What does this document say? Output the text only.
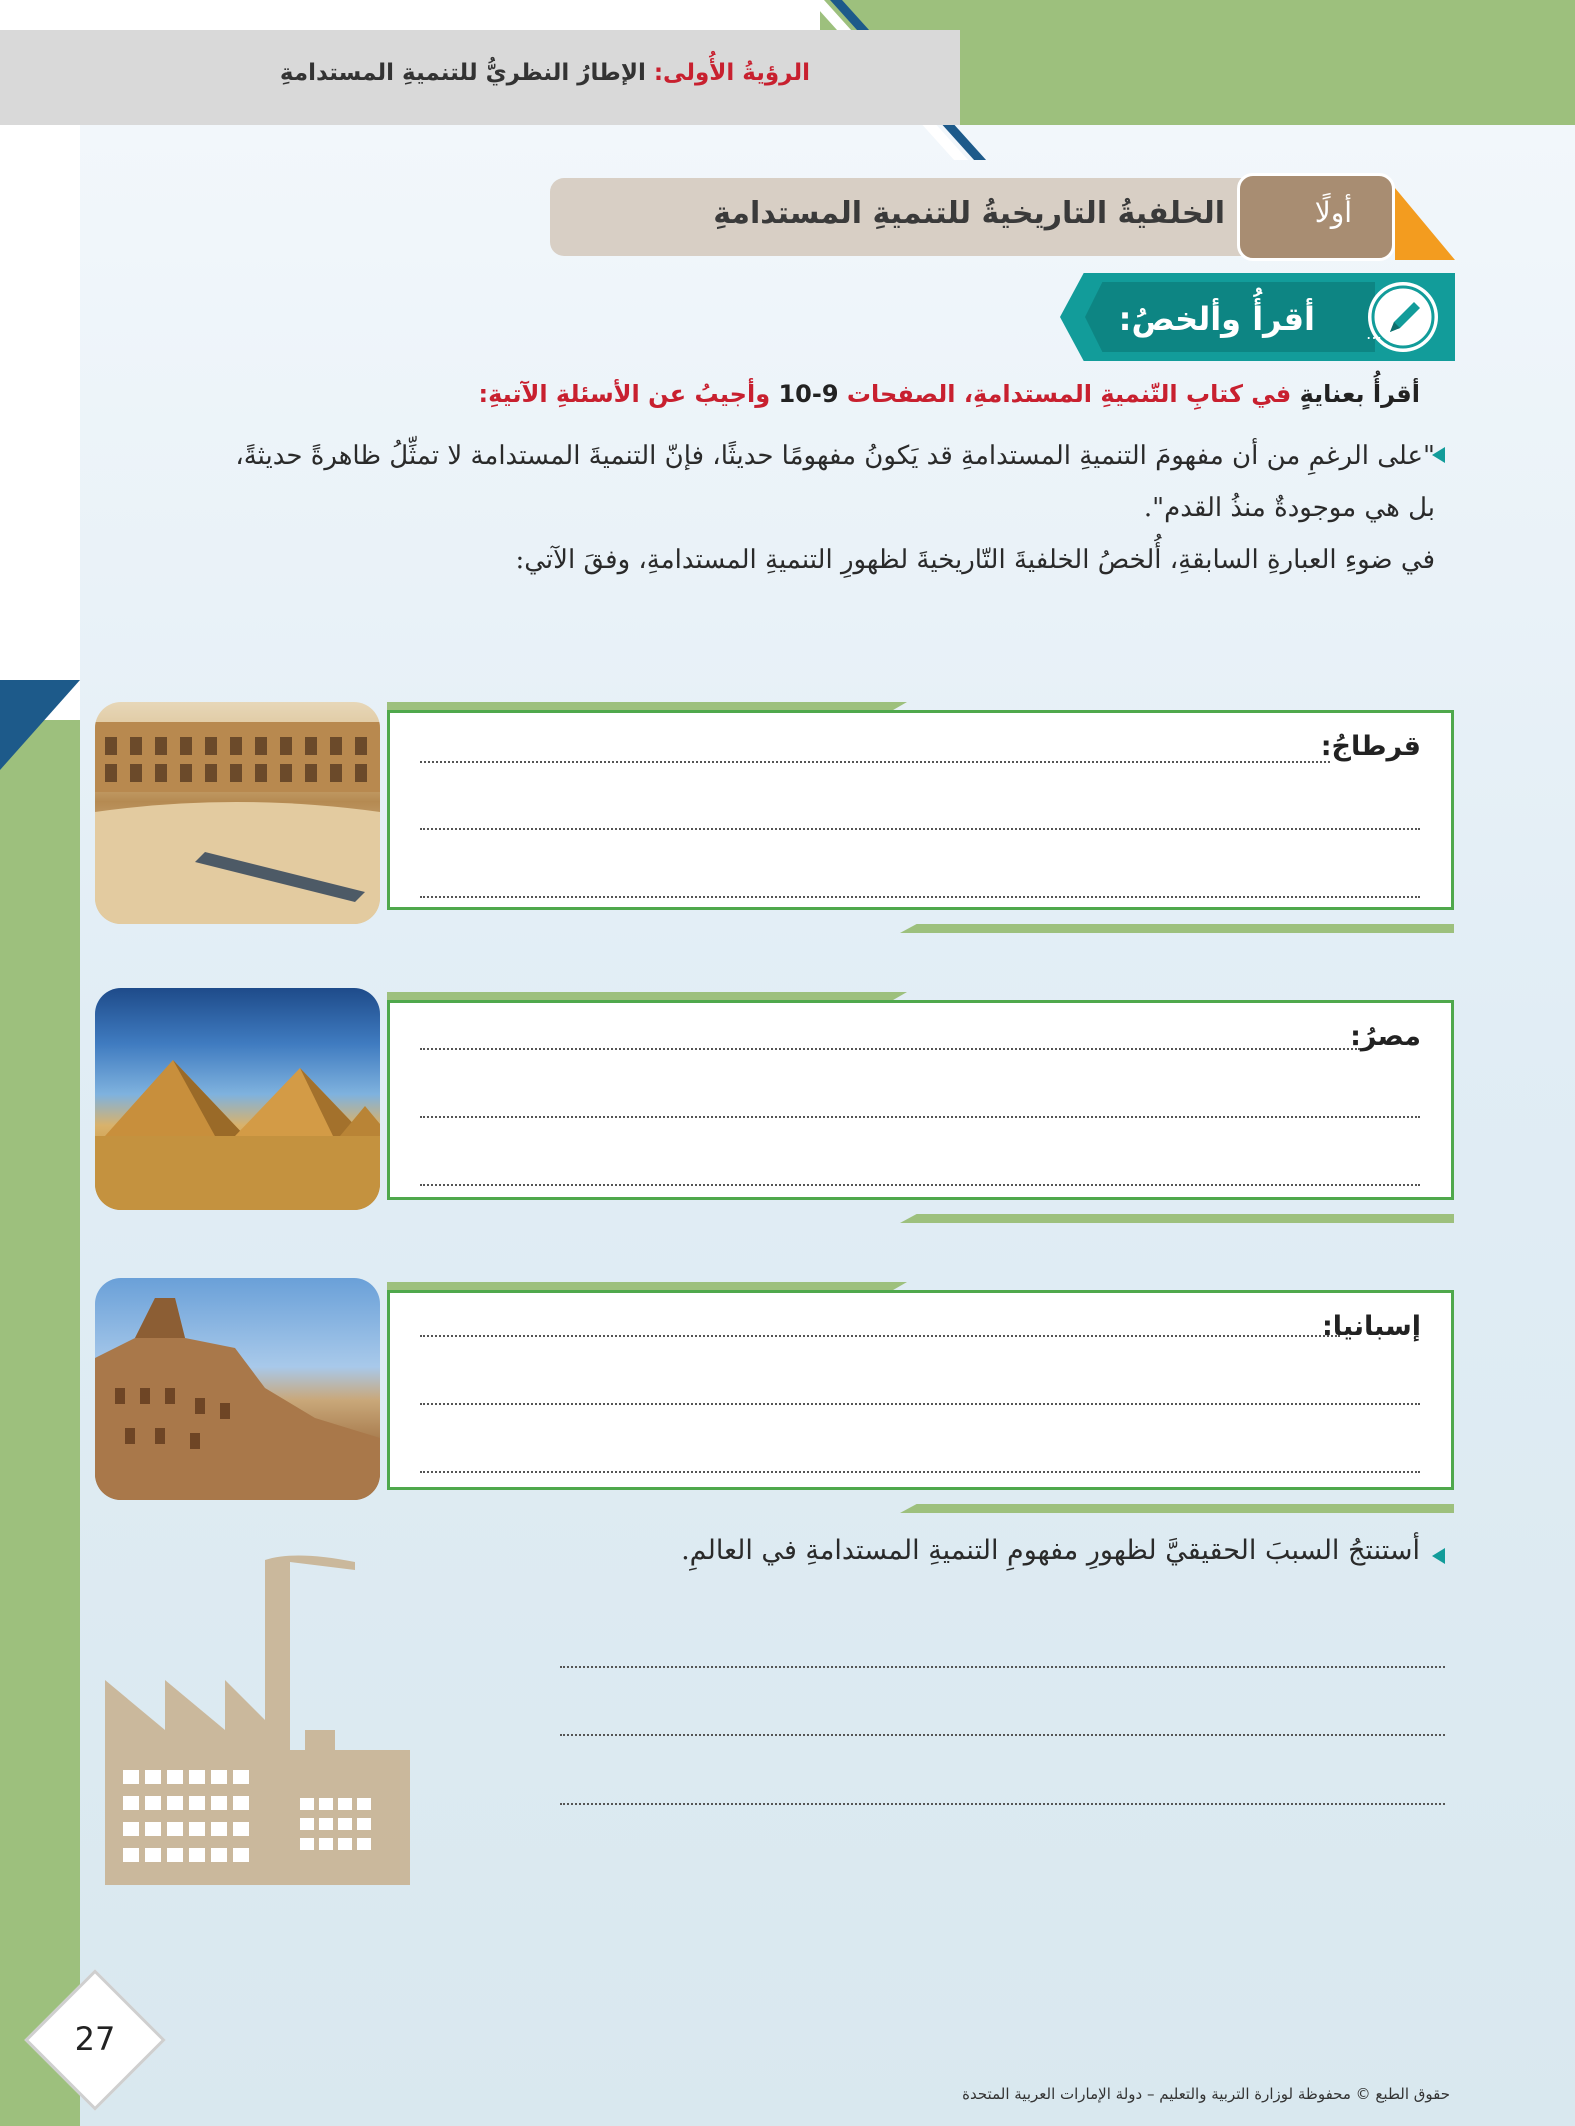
الرؤيةُ الأُولى: الإطارُ النظريُّ للتنميةِ المستدامةِ
الخلفيةُ التاريخيةُ للتنميةِ المستدامةِ	أولًا
أقرأُ وألخصُ:	…
أقرأُ بعنايةٍ في كتابِ التّنميةِ المستدامةِ، الصفحات 9-10 وأجيبُ عن الأسئلةِ الآتيةِ:
"على الرغمِ من أن مفهومَ التنميةِ المستدامةِ قد يَكونُ مفهومًا حديثًا، فإنّ التنميةَ المستدامة لا تمثِّلُ ظاهرةً حديثةً،
بل هي موجودةٌ منذُ القدم".
في ضوءِ العبارةِ السابقةِ، أُلخصُ الخلفيةَ التّاريخيةَ لظهورِ التنميةِ المستدامةِ، وفقَ الآتي:
قرطاجُ:
مصرُ:
إسبانيا:
أستنتجُ السببَ الحقيقيَّ لظهورِ مفهومِ التنميةِ المستدامةِ في العالمِ.
27
حقوق الطبع © محفوظة لوزارة التربية والتعليم – دولة الإمارات العربية المتحدة
